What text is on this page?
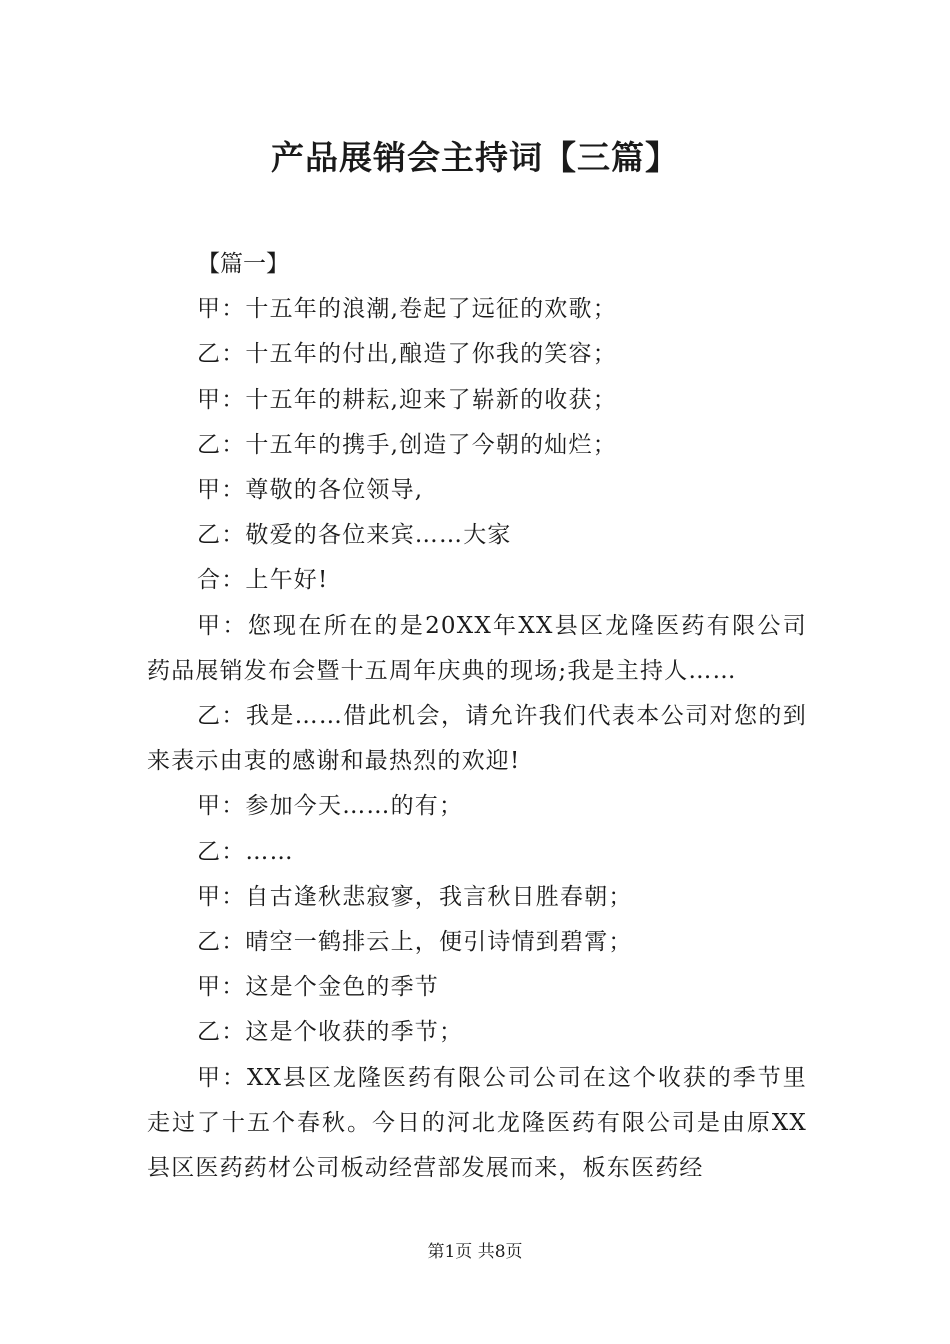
产品展销会主持词【三篇】

【篇一】

甲：十五年的浪潮,卷起了远征的欢歌；

乙：十五年的付出,酿造了你我的笑容；

甲：十五年的耕耘,迎来了崭新的收获；

乙：十五年的携手,创造了今朝的灿烂；

甲：尊敬的各位领导,

乙：敬爱的各位来宾……大家

合：上午好!

甲：您现在所在的是20XX年XX县区龙隆医药有限公司药品展销发布会暨十五周年庆典的现场;我是主持人……

乙：我是……借此机会，请允许我们代表本公司对您的到来表示由衷的感谢和最热烈的欢迎!

甲：参加今天……的有；

乙：……

甲：自古逢秋悲寂寥，我言秋日胜春朝；

乙：晴空一鹤排云上，便引诗情到碧霄；

甲：这是个金色的季节

乙：这是个收获的季节；

甲：XX县区龙隆医药有限公司公司在这个收获的季节里走过了十五个春秋。今日的河北龙隆医药有限公司是由原XX县区医药药材公司板动经营部发展而来，板东医药经

第1页 共8页
